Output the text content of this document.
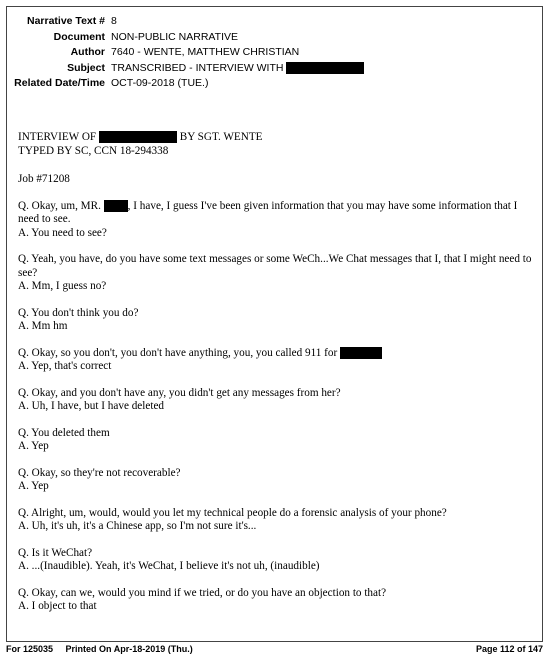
Narrative Text # 8
Document NON-PUBLIC NARRATIVE
Author 7640 - WENTE, MATTHEW CHRISTIAN
Subject TRANSCRIBED - INTERVIEW WITH
Related Date/Time OCT-09-2018 (TUE.)
INTERVIEW OF	BY SGT. WENTE
TYPED BY SC, CCN 18-294338
Job #71208
Q. Okay, um, MR. , I have, I guess I've been given information that you may have some information that I need to see.
A. You need to see?
Q. Yeah, you have, do you have some text messages or some WeCh...We Chat messages that I, that I might need to see?
A. Mm, I guess no?
Q. You don't think you do?
A. Mm hm
Q. Okay, so you don't, you don't have anything, you, you called 911 for
A. Yep, that's correct
Q. Okay, and you don't have any, you didn't get any messages from her?
A. Uh, I have, but I have deleted
Q. You deleted them
A. Yep
Q. Okay, so they're not recoverable?
A. Yep
Q. Alright, um, would, would you let my technical people do a forensic analysis of your phone?
A. Uh, it's uh, it's a Chinese app, so I'm not sure it's...
Q. Is it WeChat?
A. ...(Inaudible). Yeah, it's WeChat, I believe it's not uh, (inaudible)
Q. Okay, can we, would you mind if we tried, or do you have an objection to that?
A. I object to that
For 125035 Printed On Apr-18-2019 (Thu.)	Page 112 of 147
